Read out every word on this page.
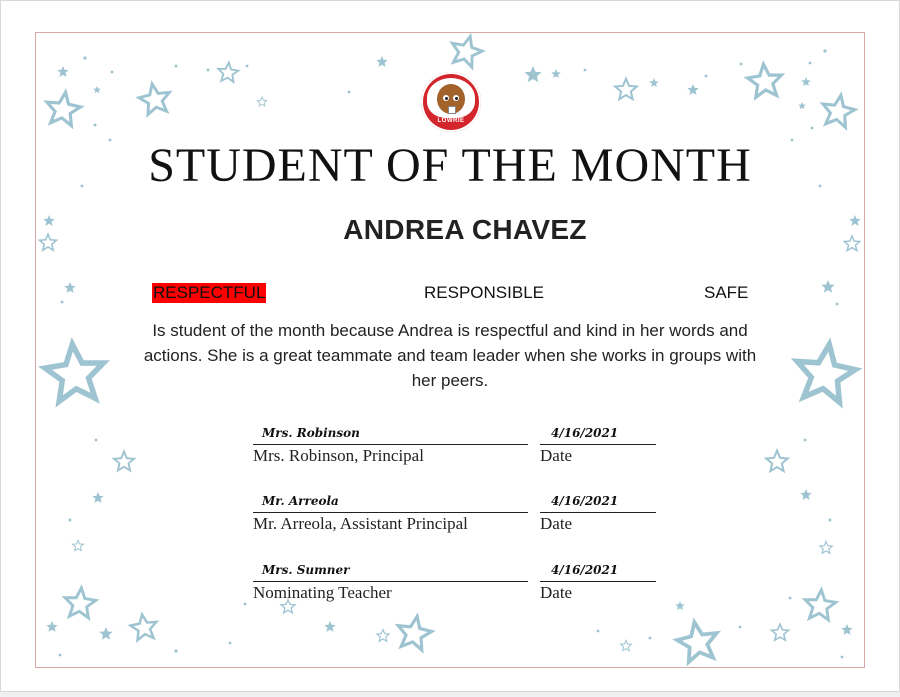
LOWRIE
STUDENT OF THE MONTH
ANDREA CHAVEZ
RESPECTFUL	RESPONSIBLE	SAFE
Is student of the month because Andrea is respectful and kind in her words and actions. She is a great teammate and team leader when she works in groups with her peers.
Mrs. Robinson	4/16/2021
Mrs. Robinson, Principal	Date
Mr. Arreola	4/16/2021
Mr. Arreola, Assistant Principal	Date
Mrs. Sumner	4/16/2021
Nominating Teacher	Date
